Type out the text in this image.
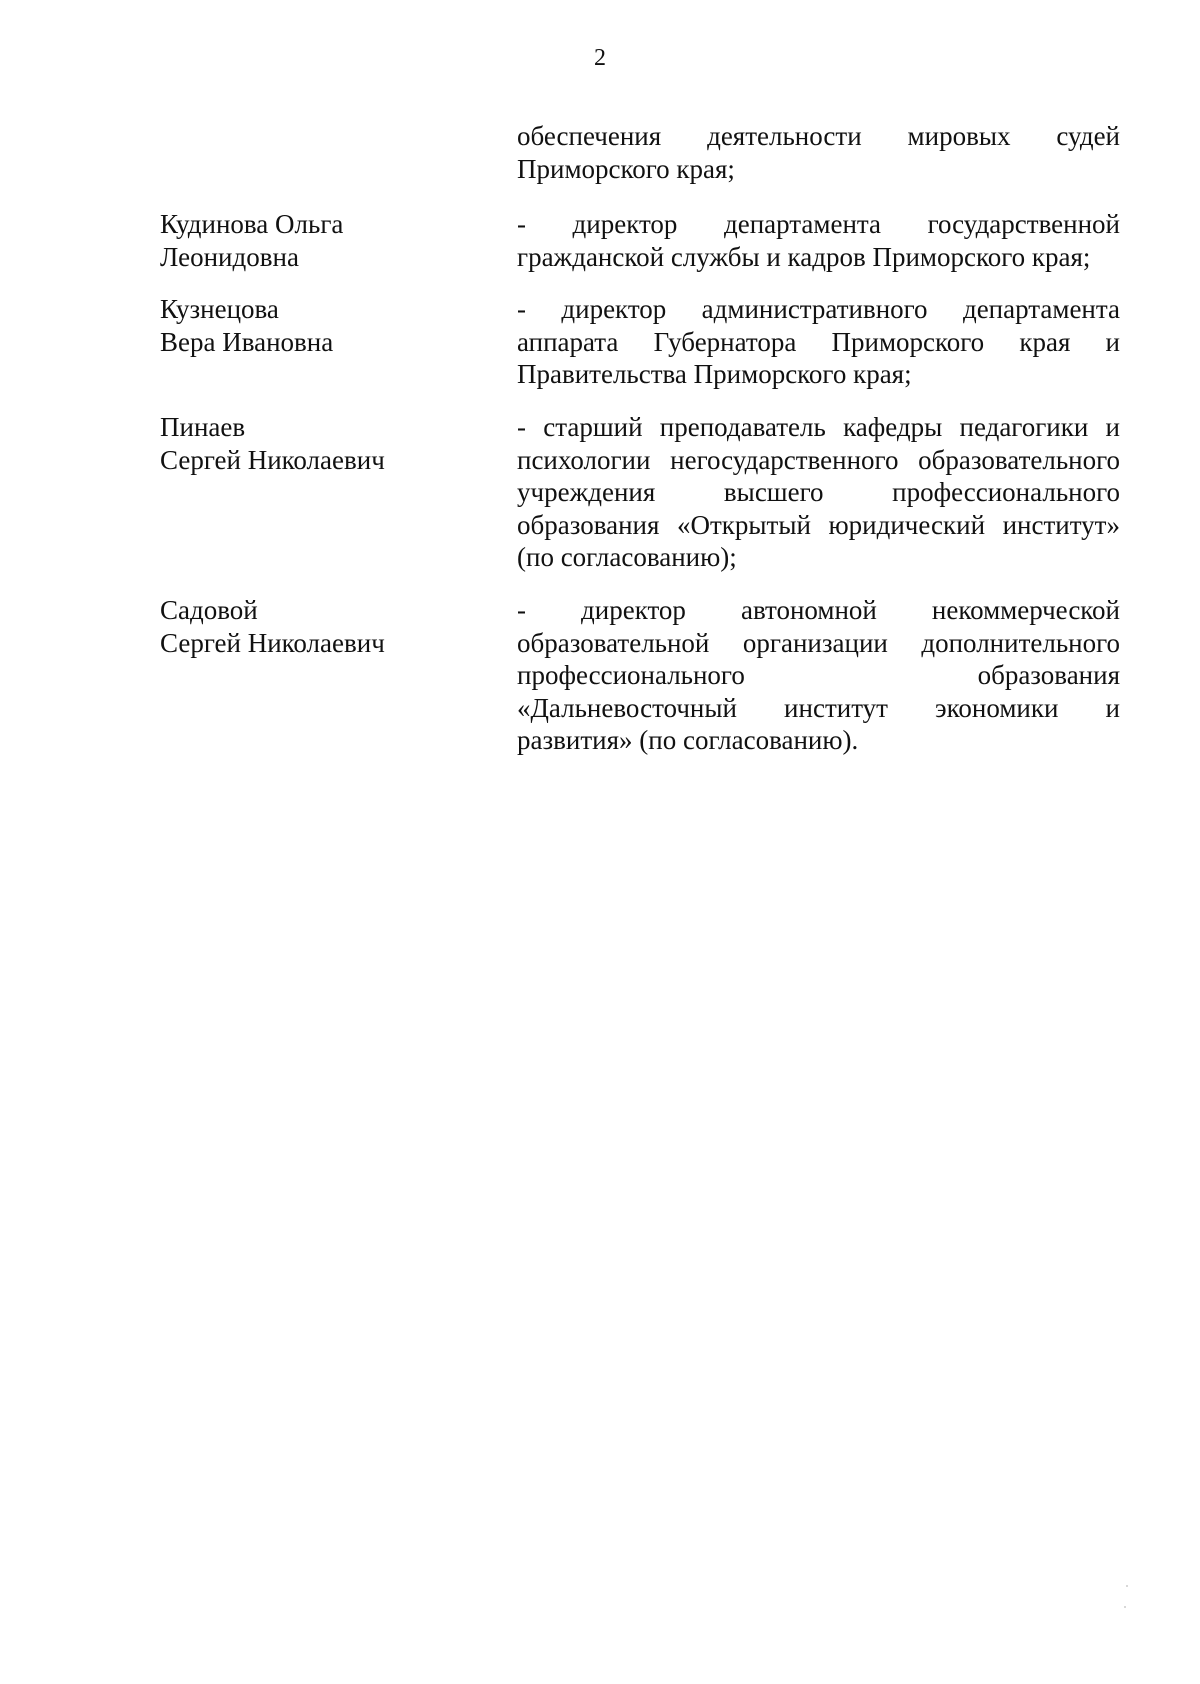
2
обеспечения деятельности мировых судей Приморского края;
Кудинова Ольга
Леонидовна
- директор департамента государственной гражданской службы и кадров Приморского края;
Кузнецова
Вера Ивановна
- директор административного департамента аппарата Губернатора Приморского края и Правительства Приморского края;
Пинаев
Сергей Николаевич
- старший преподаватель кафедры педагогики и психологии негосударственного образовательного учреждения высшего профессионального образования «Открытый юридический институт» (по согласованию);
Садовой
Сергей Николаевич
- директор автономной некоммерческой образовательной организации дополнительного профессионального образования «Дальневосточный институт экономики и развития» (по согласованию).
